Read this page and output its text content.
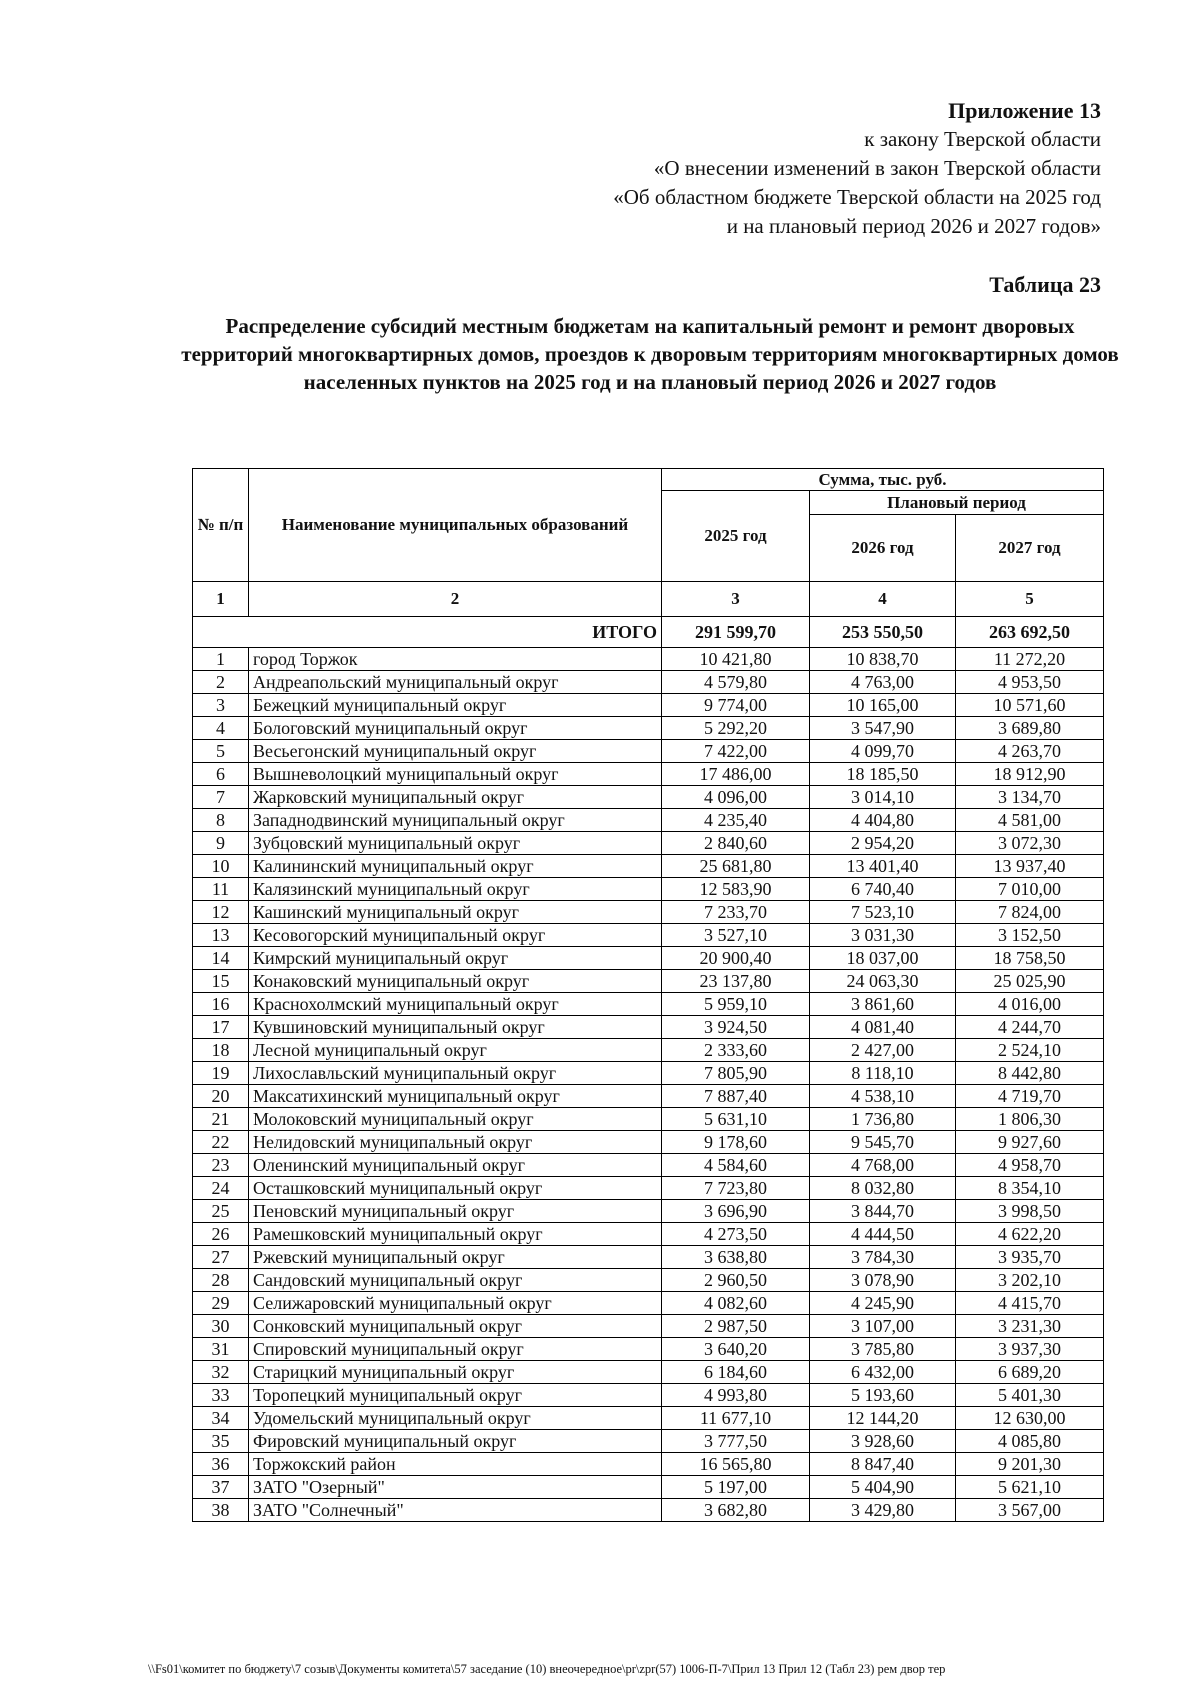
Приложение 13
к закону Тверской области
«О внесении изменений в закон Тверской области
«Об областном бюджете Тверской области на 2025 год
и на плановый период 2026 и 2027 годов»
Таблица 23
Распределение субсидий местным бюджетам на капитальный ремонт и ремонт дворовых территорий многоквартирных домов, проездов к дворовым территориям многоквартирных домов населенных пунктов на 2025 год и на плановый период 2026 и 2027 годов
№ п/п	Наименование муниципальных образований	Сумма, тыс. руб.		
		2025 год	Плановый период	
			2026 год	2027 год
1	2	3	4	5
ИТОГО		291 599,70	253 550,50	263 692,50
1	город Торжок	10 421,80	10 838,70	11 272,20
2	Андреапольский муниципальный округ	4 579,80	4 763,00	4 953,50
3	Бежецкий муниципальный округ	9 774,00	10 165,00	10 571,60
4	Бологовский муниципальный округ	5 292,20	3 547,90	3 689,80
5	Весьегонский муниципальный округ	7 422,00	4 099,70	4 263,70
6	Вышневолоцкий муниципальный округ	17 486,00	18 185,50	18 912,90
7	Жарковский муниципальный округ	4 096,00	3 014,10	3 134,70
8	Западнодвинский муниципальный округ	4 235,40	4 404,80	4 581,00
9	Зубцовский муниципальный округ	2 840,60	2 954,20	3 072,30
10	Калининский муниципальный округ	25 681,80	13 401,40	13 937,40
11	Калязинский муниципальный округ	12 583,90	6 740,40	7 010,00
12	Кашинский муниципальный округ	7 233,70	7 523,10	7 824,00
13	Кесовогорский муниципальный округ	3 527,10	3 031,30	3 152,50
14	Кимрский муниципальный округ	20 900,40	18 037,00	18 758,50
15	Конаковский муниципальный округ	23 137,80	24 063,30	25 025,90
16	Краснохолмский муниципальный округ	5 959,10	3 861,60	4 016,00
17	Кувшиновский муниципальный округ	3 924,50	4 081,40	4 244,70
18	Лесной муниципальный округ	2 333,60	2 427,00	2 524,10
19	Лихославльский муниципальный округ	7 805,90	8 118,10	8 442,80
20	Максатихинский муниципальный округ	7 887,40	4 538,10	4 719,70
21	Молоковский муниципальный округ	5 631,10	1 736,80	1 806,30
22	Нелидовский муниципальный округ	9 178,60	9 545,70	9 927,60
23	Оленинский муниципальный округ	4 584,60	4 768,00	4 958,70
24	Осташковский муниципальный округ	7 723,80	8 032,80	8 354,10
25	Пеновский муниципальный округ	3 696,90	3 844,70	3 998,50
26	Рамешковский муниципальный округ	4 273,50	4 444,50	4 622,20
27	Ржевский муниципальный округ	3 638,80	3 784,30	3 935,70
28	Сандовский муниципальный округ	2 960,50	3 078,90	3 202,10
29	Селижаровский муниципальный округ	4 082,60	4 245,90	4 415,70
30	Сонковский муниципальный округ	2 987,50	3 107,00	3 231,30
31	Спировский муниципальный округ	3 640,20	3 785,80	3 937,30
32	Старицкий муниципальный округ	6 184,60	6 432,00	6 689,20
33	Торопецкий муниципальный округ	4 993,80	5 193,60	5 401,30
34	Удомельский муниципальный округ	11 677,10	12 144,20	12 630,00
35	Фировский муниципальный округ	3 777,50	3 928,60	4 085,80
36	Торжокский район	16 565,80	8 847,40	9 201,30
37	ЗАТО "Озерный"	5 197,00	5 404,90	5 621,10
38	ЗАТО "Солнечный"	3 682,80	3 429,80	3 567,00
\\Fs01\комитет по бюджету\7 созыв\Документы комитета\57 заседание (10) внеочередное\pr\zpr(57) 1006-П-7\Прил 13 Прил 12 (Табл 23) рем двор тер
